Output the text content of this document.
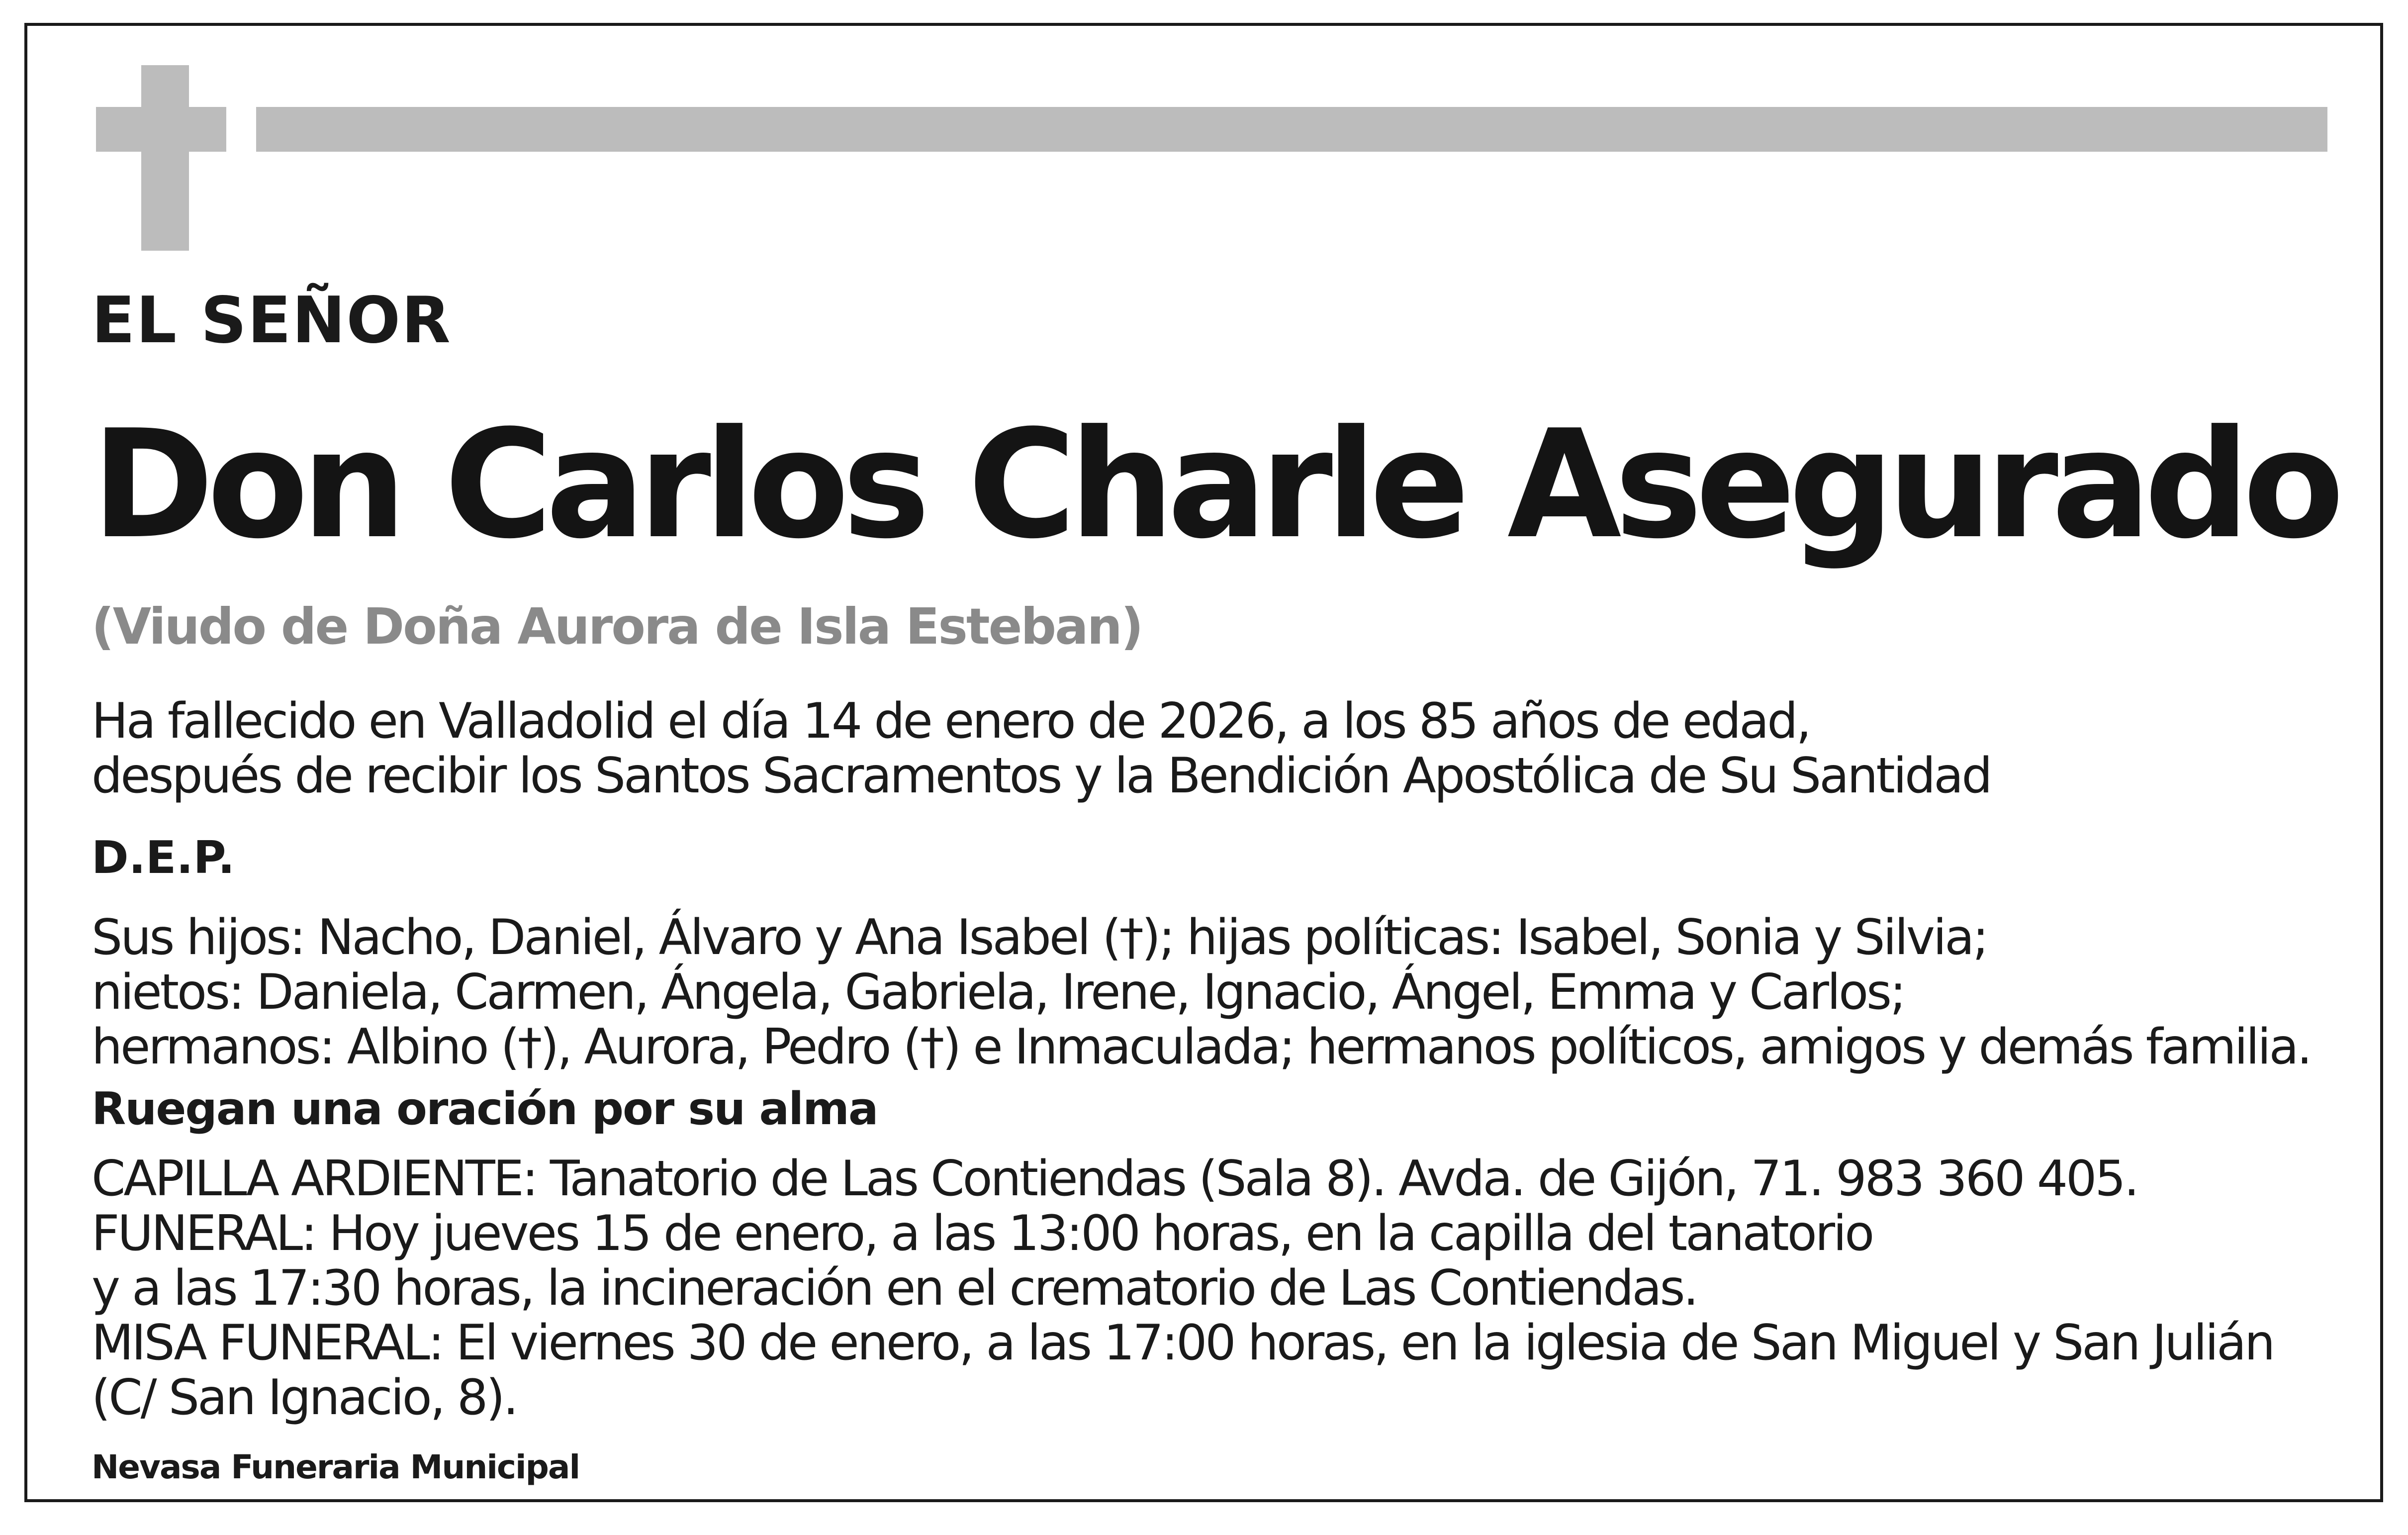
EL SEÑOR
Don Carlos Charle Asegurado
(Viudo de Doña Aurora de Isla Esteban)
Ha fallecido en Valladolid el día 14 de enero de 2026, a los 85 años de edad,
después de recibir los Santos Sacramentos y la Bendición Apostólica de Su Santidad
D.E.P.
Sus hijos: Nacho, Daniel, Álvaro y Ana Isabel (†); hijas políticas: Isabel, Sonia y Silvia;
nietos: Daniela, Carmen, Ángela, Gabriela, Irene, Ignacio, Ángel, Emma y Carlos;
hermanos: Albino (†), Aurora, Pedro (†) e Inmaculada; hermanos políticos, amigos y demás familia.
Ruegan una oración por su alma
CAPILLA ARDIENTE: Tanatorio de Las Contiendas (Sala 8). Avda. de Gijón, 71. 983 360 405.
FUNERAL: Hoy jueves 15 de enero, a las 13:00 horas, en la capilla del tanatorio
y a las 17:30 horas, la incineración en el crematorio de Las Contiendas.
MISA FUNERAL: El viernes 30 de enero, a las 17:00 horas, en la iglesia de San Miguel y San Julián
(C/ San Ignacio, 8).
Nevasa Funeraria Municipal
